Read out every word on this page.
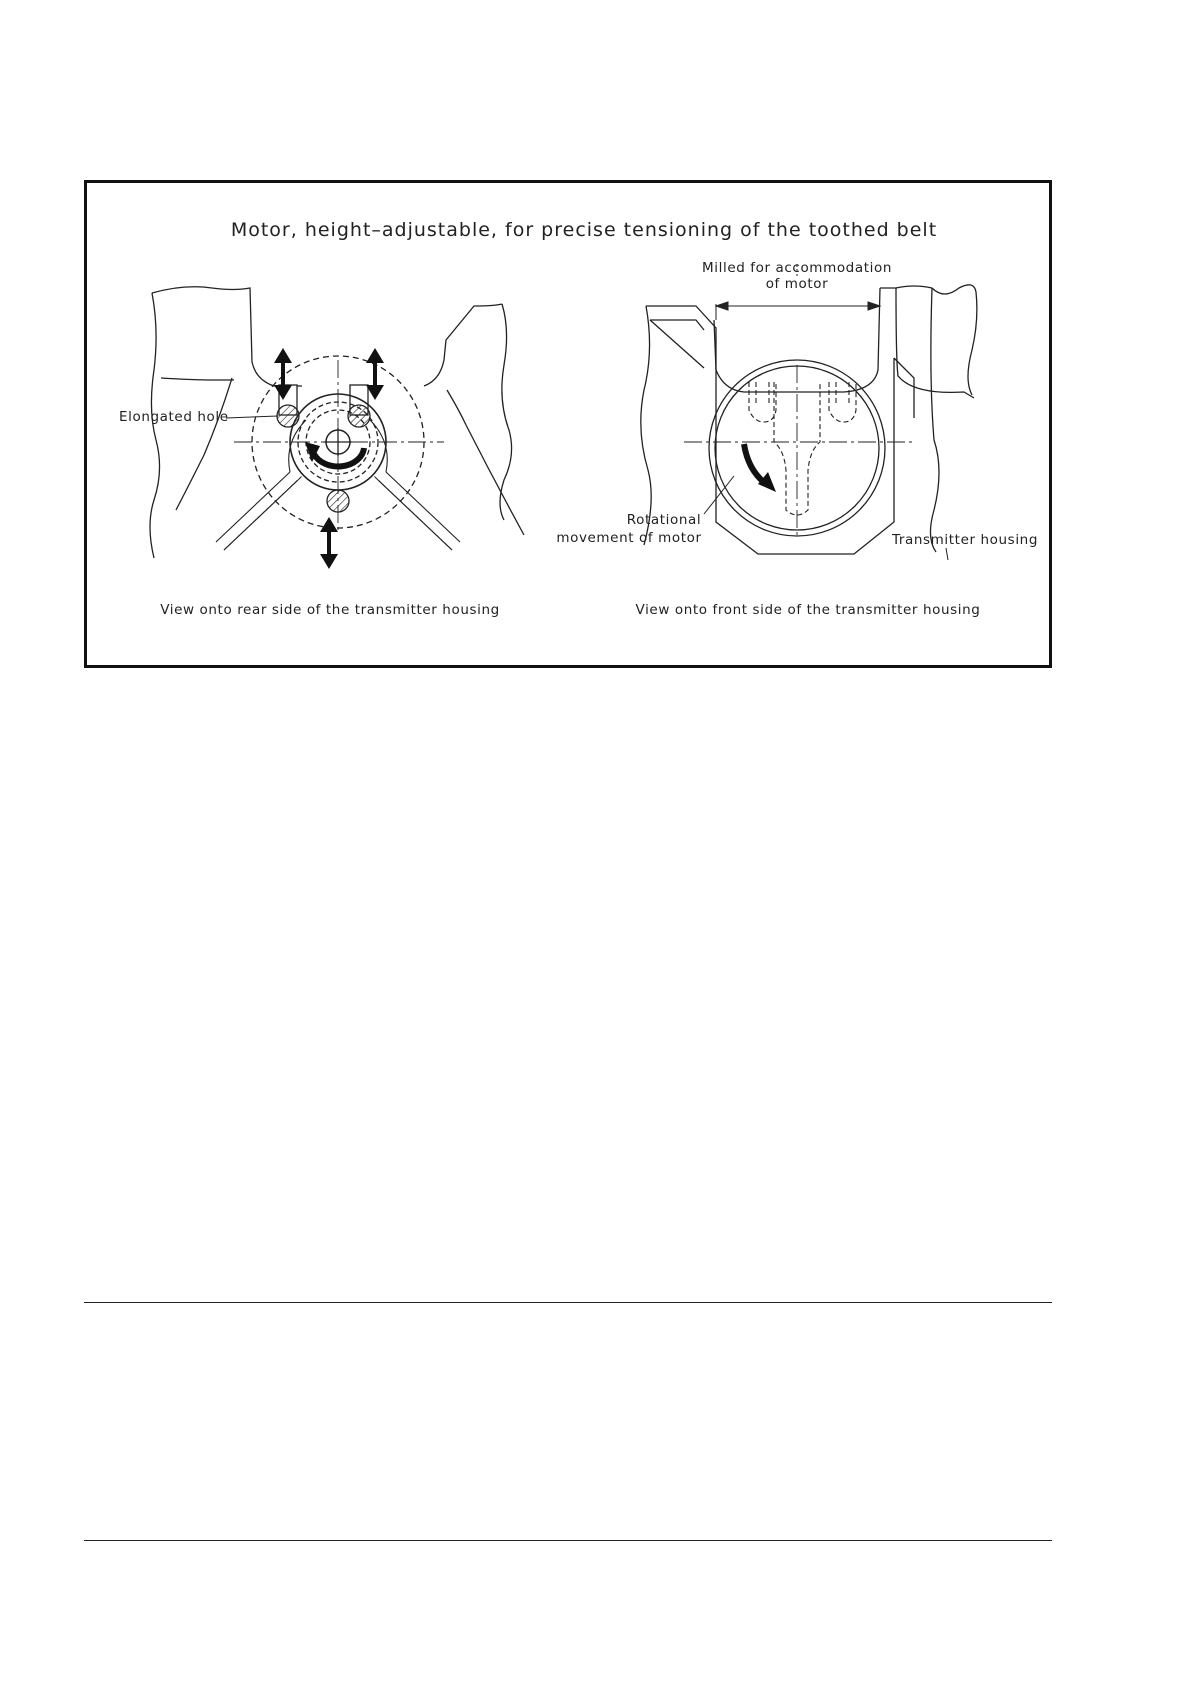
Motor, height–adjustable, for precise tensioning of the toothed belt
Elongated hole
View onto rear side of the transmitter housing
Milled for accommodation
of motor
Rotational
movement of motor	Transmitter housing
View onto front side of the transmitter housing
